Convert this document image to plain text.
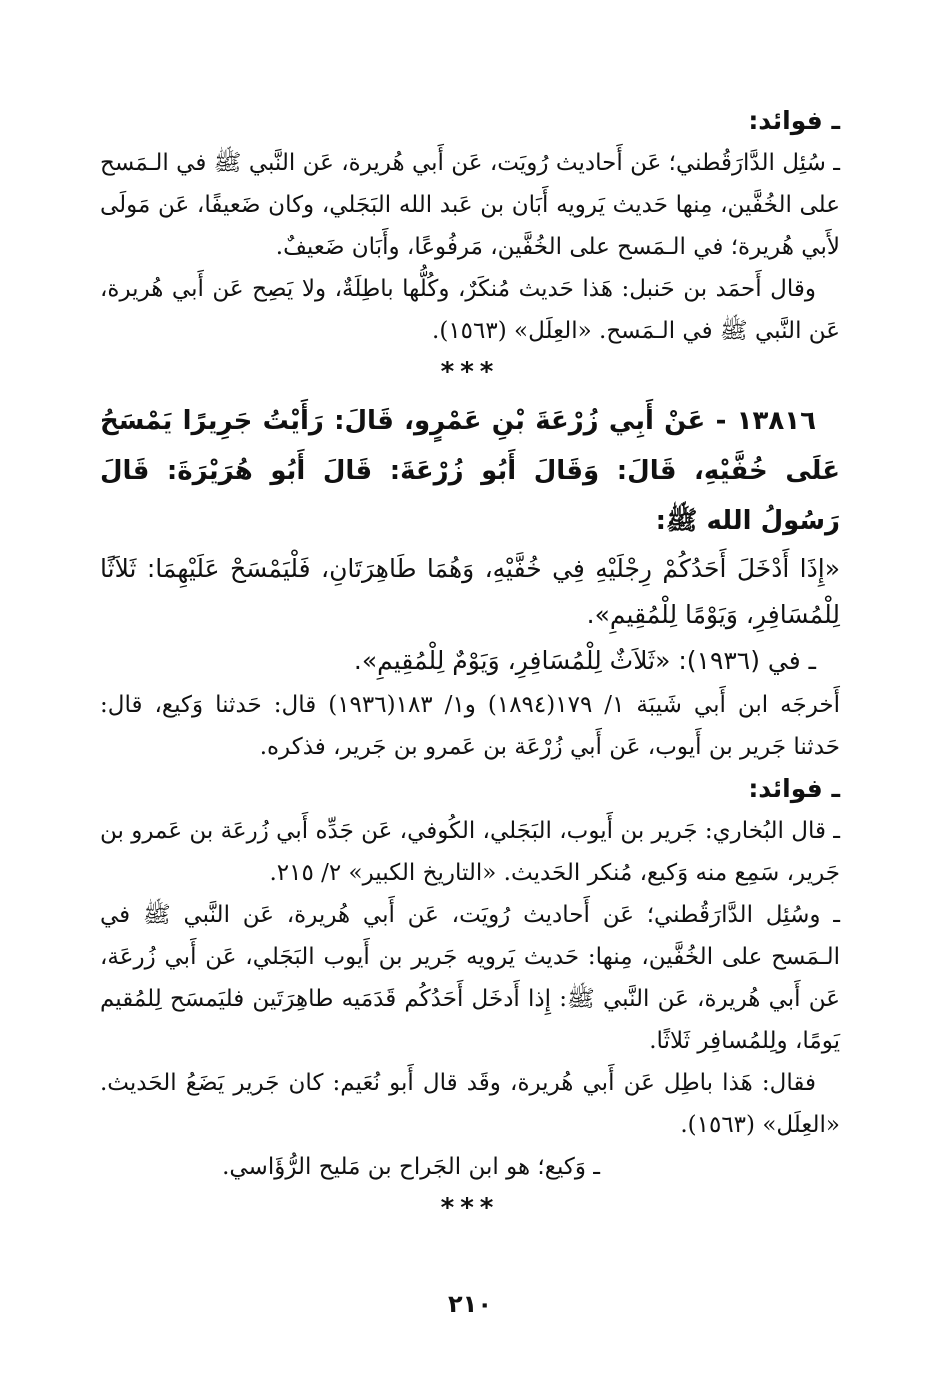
ـ فوائد:

ـ سُئِل الدَّارَقُطني؛ عَن أَحاديث رُويَت، عَن أَبي هُريرة، عَن النَّبي ﷺ في الـمَسح على الخُفَّين، مِنها حَديث يَرويه أَبَان بن عَبد الله البَجَلي، وكان ضَعيفًا، عَن مَولَى لأَبي هُريرة؛ في الـمَسح على الخُفَّين، مَرفُوعًا، وأَبَان ضَعيفٌ.

وقال أَحمَد بن حَنبل: هَذا حَديث مُنكَرٌ، وكُلُّها باطِلَةٌ، ولا يَصِح عَن أَبي هُريرة، عَن النَّبي ﷺ في الـمَسح. «العِلَل» (١٥٦٣).

***

١٣٨١٦ - عَنْ أَبِي زُرْعَةَ بْنِ عَمْرٍو، قَالَ: رَأَيْتُ جَرِيرًا يَمْسَحُ عَلَى خُفَّيْهِ، قَالَ: وَقَالَ أَبُو زُرْعَةَ: قَالَ أَبُو هُرَيْرَةَ: قَالَ رَسُولُ الله ﷺ:

«إِذَا أَدْخَلَ أَحَدُكُمْ رِجْلَيْهِ فِي خُفَّيْهِ، وَهُمَا طَاهِرَتَانِ، فَلْيَمْسَحْ عَلَيْهِمَا: ثَلاَثًا لِلْمُسَافِرِ، وَيَوْمًا لِلْمُقِيمِ».

ـ في (١٩٣٦): «ثَلاَثٌ لِلْمُسَافِرِ، وَيَوْمٌ لِلْمُقِيمِ».

أَخرجَه ابن أَبي شَيبَة ١/ ١٧٩(١٨٩٤) و١/ ١٨٣(١٩٣٦) قال: حَدثنا وَكيع، قال: حَدثنا جَرير بن أَيوب، عَن أَبي زُرْعَة بن عَمرو بن جَرير، فذكره.

ـ فوائد:

ـ قال البُخاري: جَرير بن أَيوب، البَجَلي، الكُوفي، عَن جَدِّه أَبي زُرعَة بن عَمرو بن جَرير، سَمِع منه وَكيع، مُنكر الحَديث. «التاريخ الكبير» ٢/ ٢١٥.

ـ وسُئِل الدَّارَقُطني؛ عَن أَحاديث رُويَت، عَن أَبي هُريرة، عَن النَّبي ﷺ في الـمَسح على الخُفَّين، مِنها: حَديث يَرويه جَرير بن أَيوب البَجَلي، عَن أَبي زُرعَة، عَن أَبي هُريرة، عَن النَّبي ﷺ: إِذا أَدخَل أَحَدُكُم قَدَمَيه طاهِرَتَين فليَمسَح لِلمُقيم يَومًا، ولِلمُسافِر ثَلاثًا.

فقال: هَذا باطِل عَن أَبي هُريرة، وقَد قال أَبو نُعَيم: كان جَرير يَضَعُ الحَديث. «العِلَل» (١٥٦٣).

ـ وَكيع؛ هو ابن الجَراح بن مَليح الرُّؤَاسي.

***
٢١٠
